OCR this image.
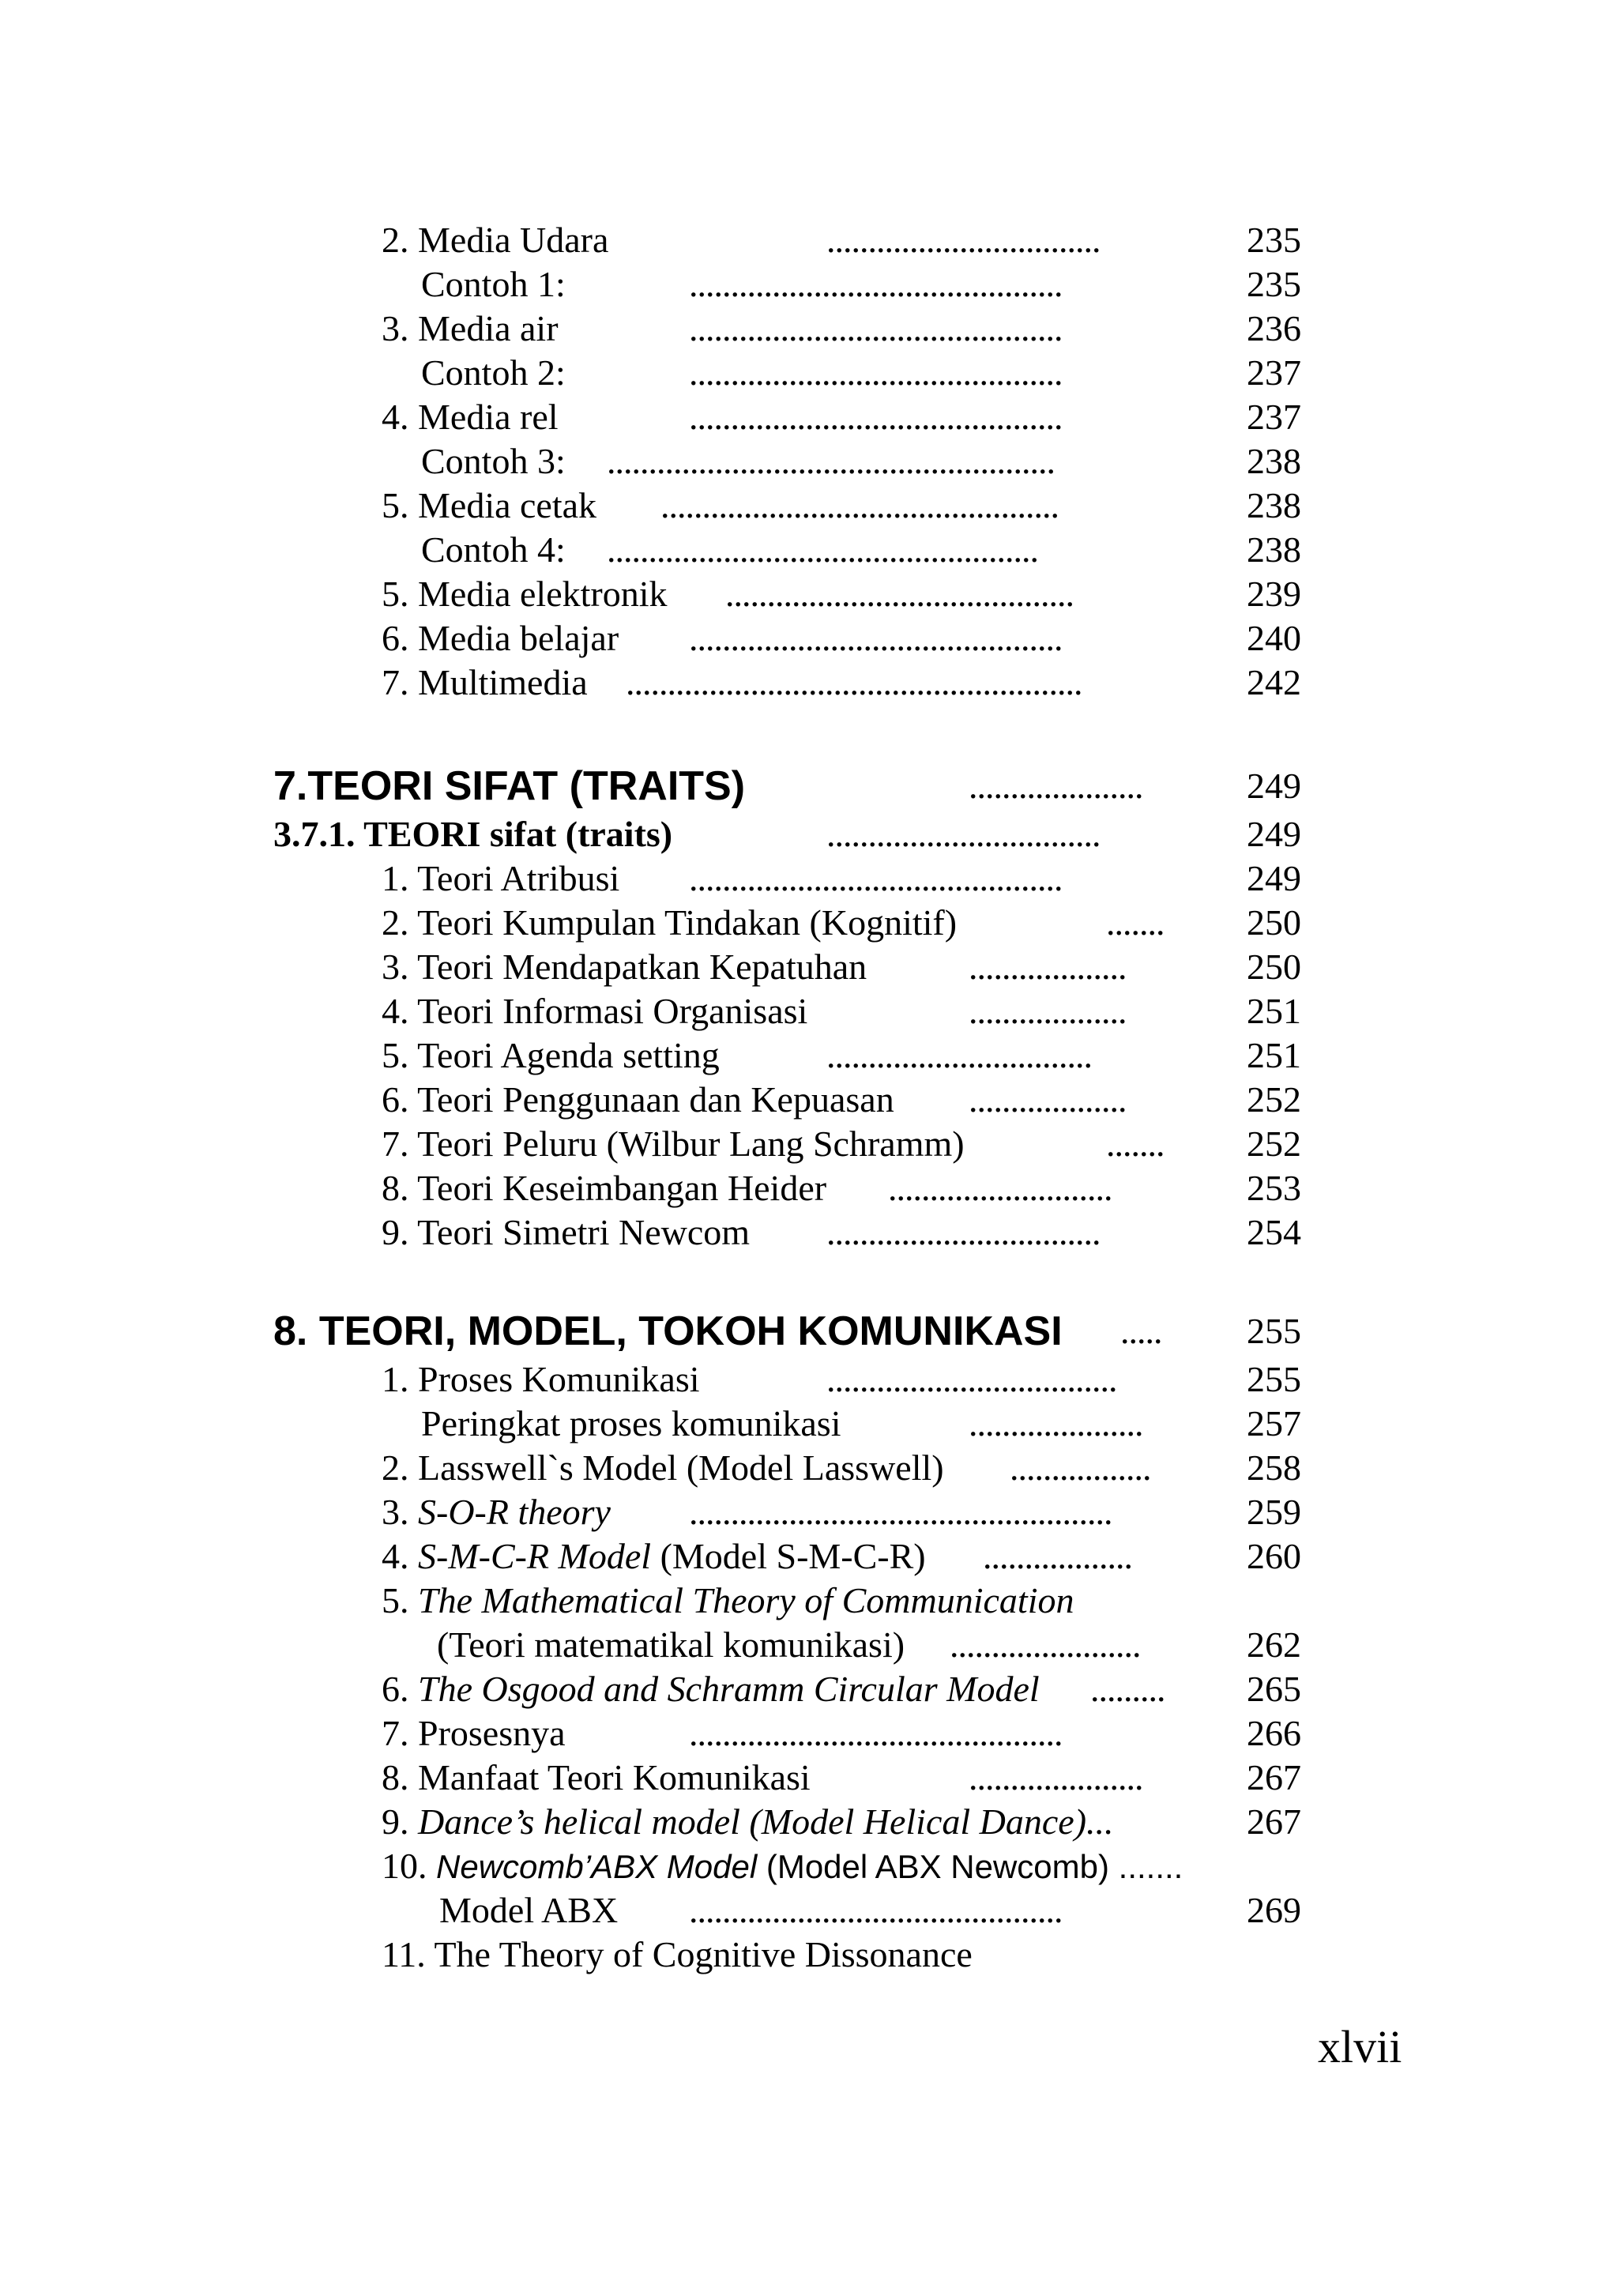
2. Media Udara	.................................	235
Contoh 1:	.............................................	235
3. Media air	.............................................	236
Contoh 2:	.............................................	237
4. Media rel	.............................................	237
Contoh 3: ......................................................	238
5. Media cetak ................................................	238
Contoh 4: ....................................................	238
5. Media elektronik ..........................................	239
6. Media belajar .............................................	240
7. Multimedia .......................................................	242
7.TEORI SIFAT (TRAITS)	.....................	249
3.7.1. TEORI sifat (traits)	.................................	249
1. Teori Atribusi .............................................	249
2. Teori Kumpulan Tindakan (Kognitif)	....... 250
3. Teori Mendapatkan Kepatuhan	...................	250
4. Teori Informasi Organisasi	...................	251
5. Teori Agenda setting	................................	251
6. Teori Penggunaan dan Kepuasan ...................	252
7. Teori Peluru (Wilbur Lang Schramm)	....... 252
8. Teori Keseimbangan Heider ...........................	253
9. Teori Simetri Newcom .................................	254
8. TEORI, MODEL, TOKOH KOMUNIKASI ..... 255
1. Proses Komunikasi	...................................	255
Peringkat proses komunikasi	.....................	257
2. Lasswell`s Model (Model Lasswell) .................	258
3. S-O-R theory ...................................................	259
4. S-M-C-R Model (Model S-M-C-R) ..................	260
5. The Mathematical Theory of Communication
(Teori matematikal komunikasi) .......................	262
6. The Osgood and Schramm Circular Model ......... 265
7. Prosesnya	.............................................	266
8. Manfaat Teori Komunikasi	.....................	267
9. Dance’s helical model (Model Helical Dance)...	267
10. Newcomb’ABX Model (Model ABX Newcomb) .......
Model ABX .............................................	269
11. The Theory of Cognitive Dissonance
xlvii
